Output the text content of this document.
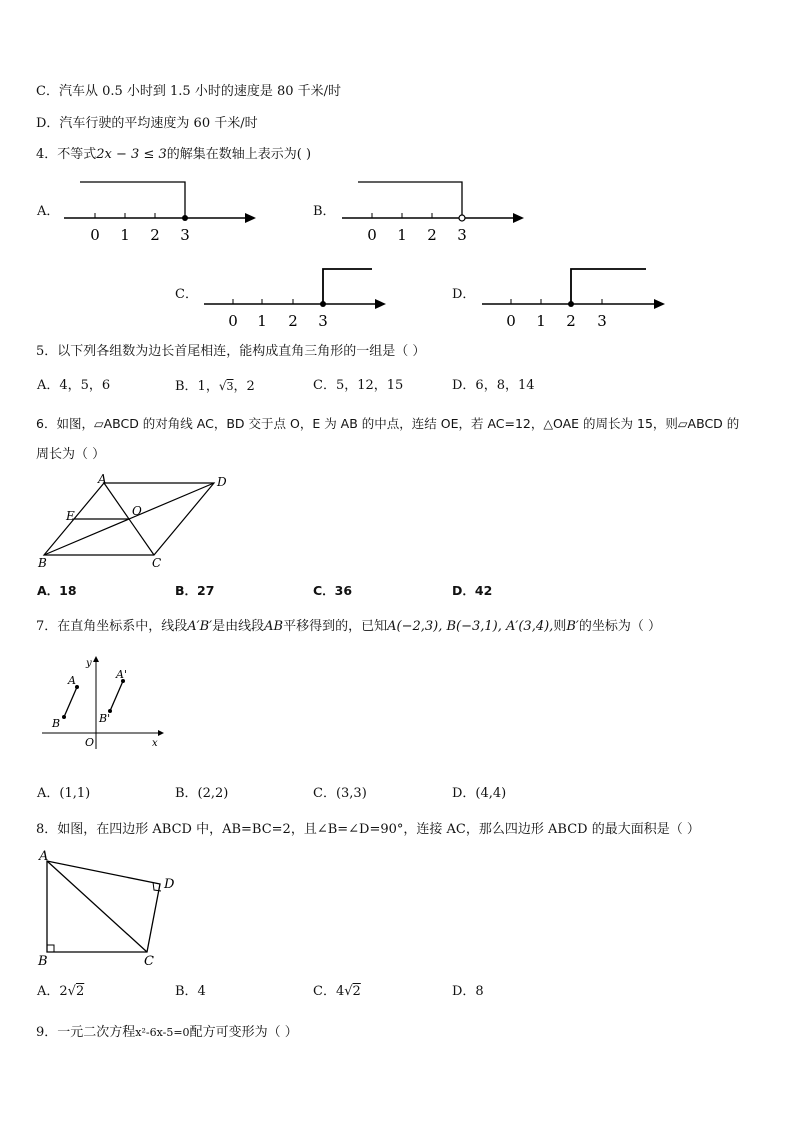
C．汽车从 0.5 小时到 1.5 小时的速度是 80 千米/时
D．汽车行驶的平均速度为 60 千米/时
4．不等式2x − 3 ≤ 3的解集在数轴上表示为( )
A．
0 1 2 3
B．
0 1 2 3
C．
0 1 2 3
D．
0 1 2 3
5．以下列各组数为边长首尾相连，能构成直角三角形的一组是（ ）
A．4，5，6	B．1，√3，2	C．5，12，15	D．6，8，14
6．如图，▱ABCD 的对角线 AC，BD 交于点 O，E 为 AB 的中点，连结 OE，若 AC=12，△OAE 的周长为 15，则▱ABCD 的
周长为（ ）
A	D
E	O
B	C
A．18	B．27	C．36	D．42
7．在直角坐标系中，线段A′B′是由线段AB平移得到的，已知A(−2,3), B(−3,1), A′(3,4),则B′的坐标为（ ）
y
x
O
A
B
A'
B'
A．(1,1)	B．(2,2)	C．(3,3)	D．(4,4)
8．如图，在四边形 ABCD 中，AB=BC=2，且∠B=∠D=90°，连接 AC，那么四边形 ABCD 的最大面积是（ ）
A
D
B	C
A．2√2	B．4	C．4√2	D．8
9．一元二次方程x²-6x-5=0配方可变形为（ ）
